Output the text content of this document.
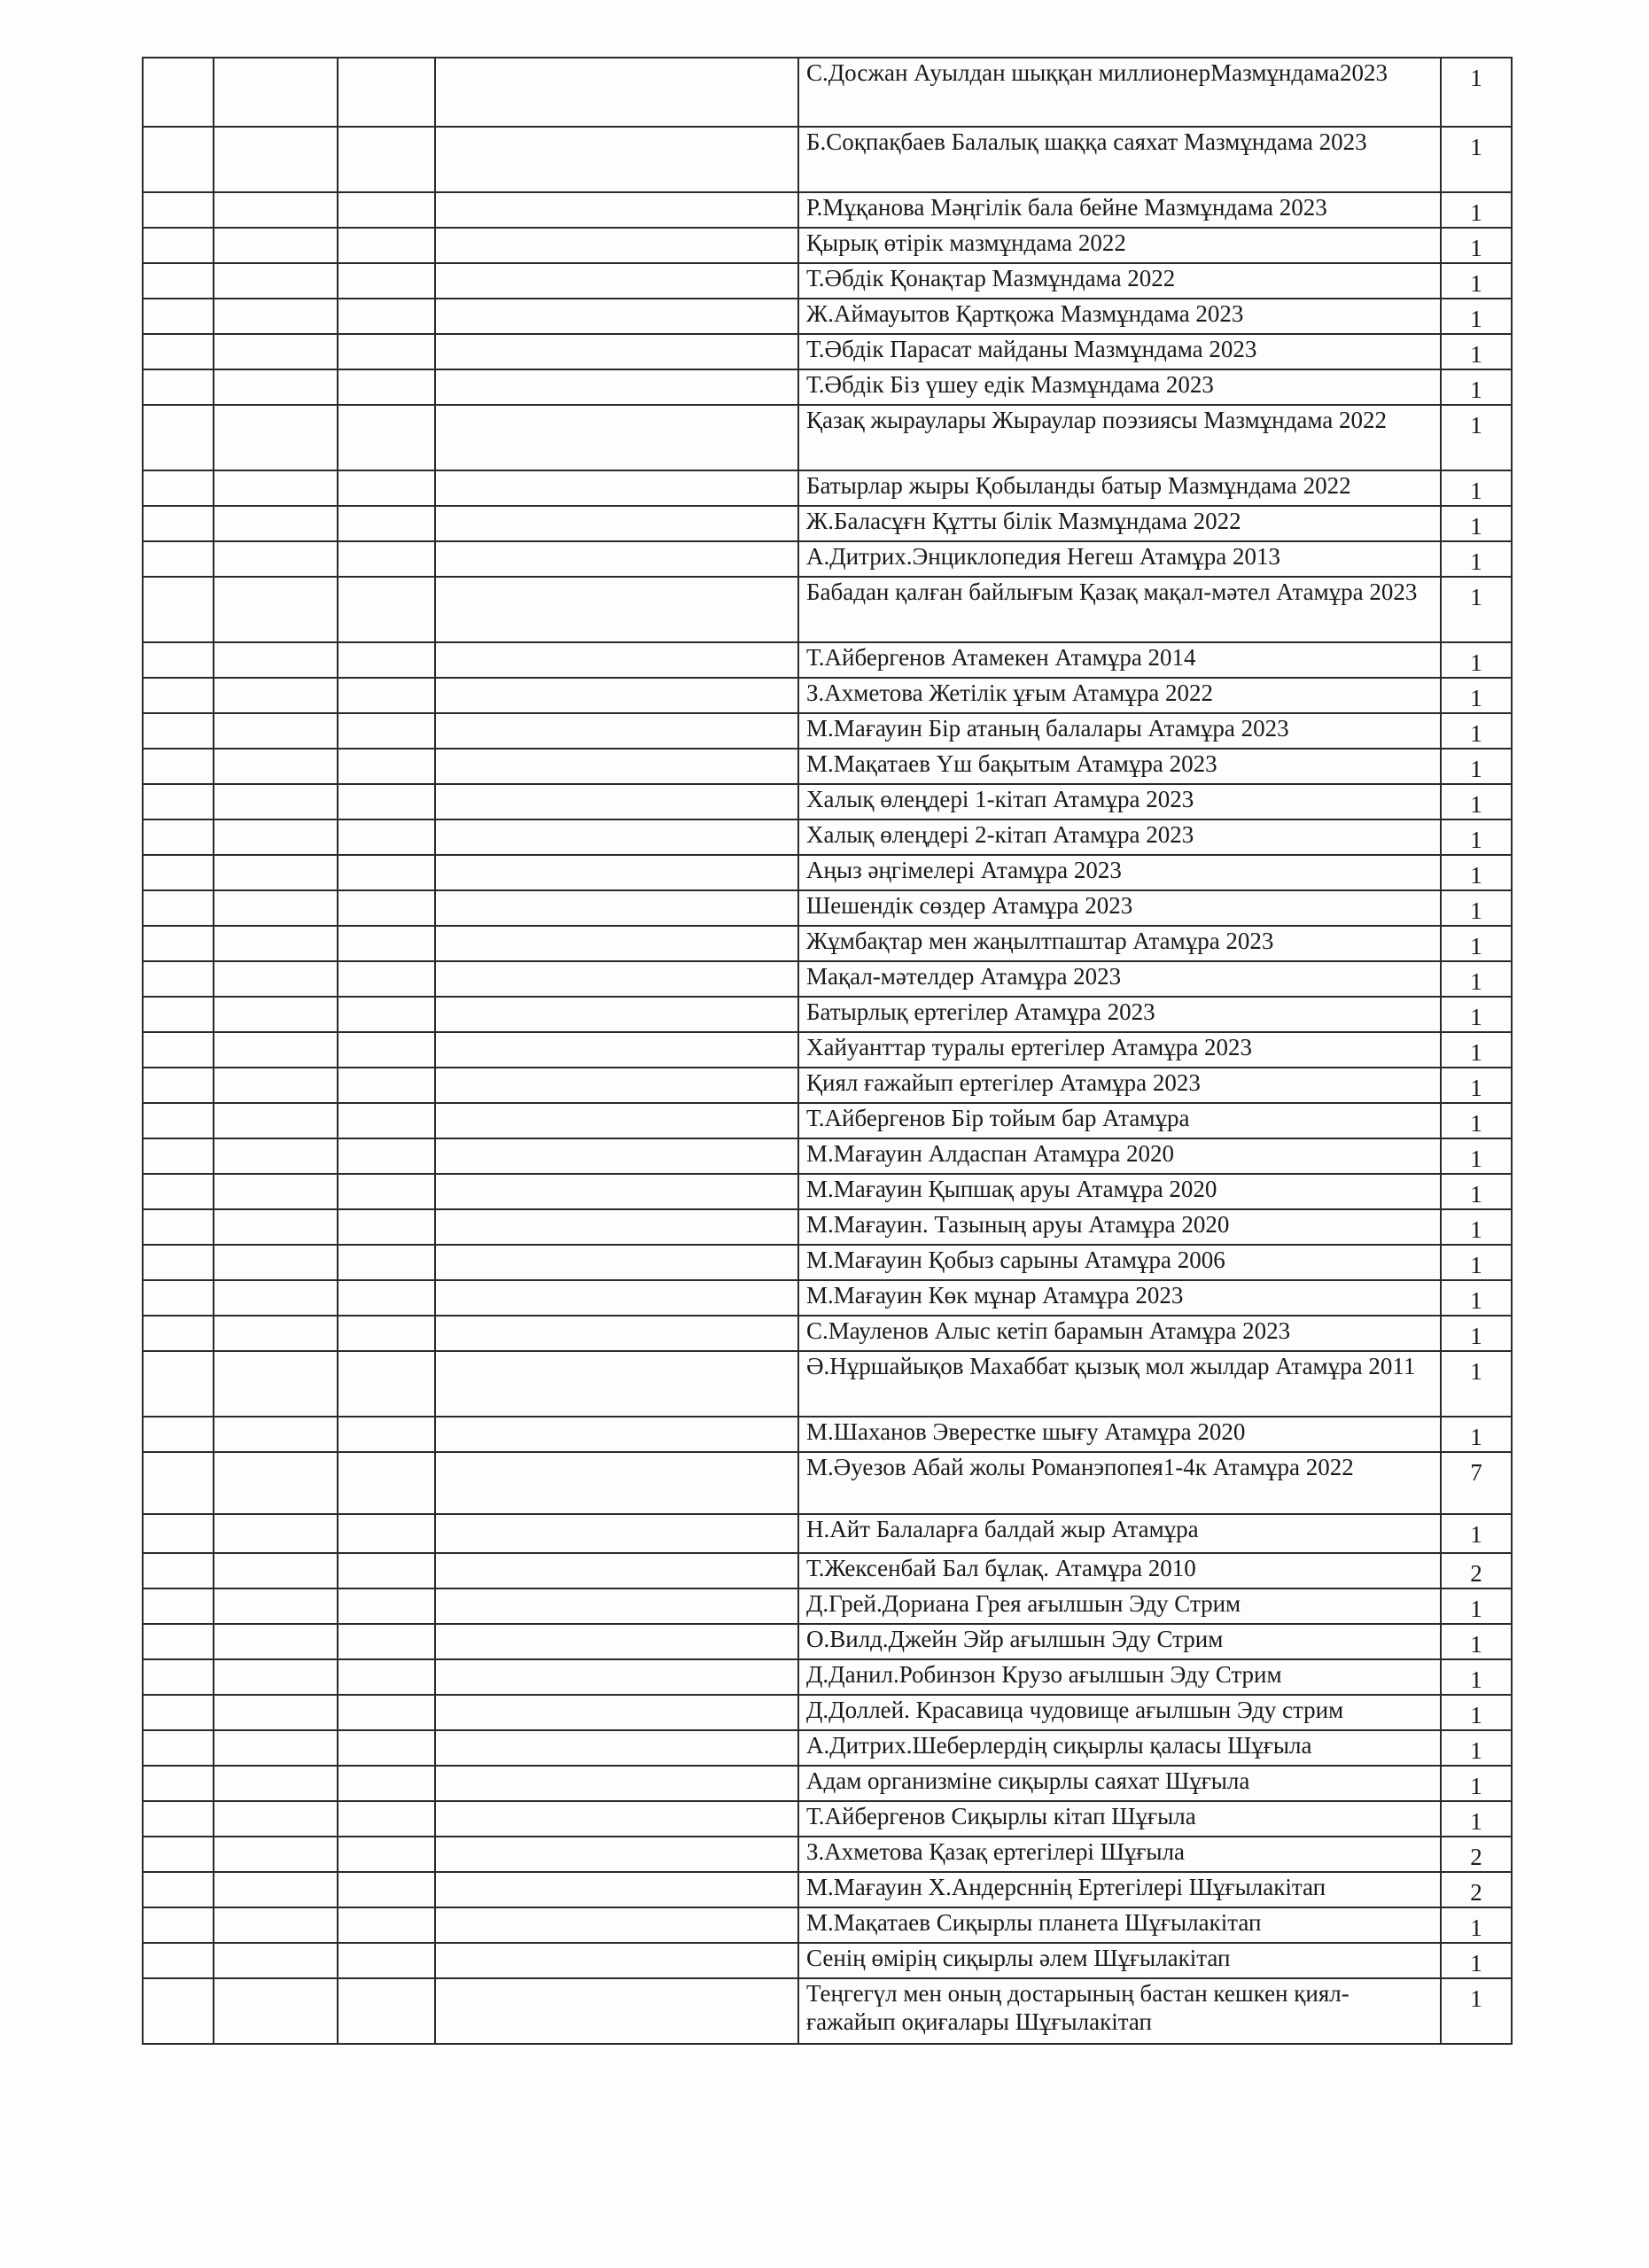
				С.Досжан Ауылдан шыққан миллионерМазмұндама2023	1
				Б.Соқпақбаев Балалық шаққа саяхат Мазмұндама 2023	1
				Р.Мұқанова Мәңгілік бала бейне Мазмұндама 2023	1
				Қырық өтірік мазмұндама 2022	1
				Т.Әбдік Қонақтар Мазмұндама 2022	1
				Ж.Аймауытов Қартқожа Мазмұндама 2023	1
				Т.Әбдік Парасат майданы Мазмұндама 2023	1
				Т.Әбдік Біз үшеу едік Мазмұндама 2023	1
				Қазақ жыраулары Жыраулар поэзиясы Мазмұндама 2022	1
				Батырлар жыры Қобыланды батыр Мазмұндама 2022	1
				Ж.Баласұғн Құтты білік Мазмұндама 2022	1
				А.Дитрих.Энциклопедия Негеш Атамұра 2013	1
				Бабадан қалған байлығым Қазақ мақал-мәтел Атамұра 2023	1
				Т.Айбергенов Атамекен Атамұра 2014	1
				З.Ахметова Жетілік ұғым Атамұра 2022	1
				М.Мағауин Бір атаның балалары Атамұра 2023	1
				М.Мақатаев Үш бақытым Атамұра 2023	1
				Халық өлеңдері 1-кітап Атамұра 2023	1
				Халық өлеңдері 2-кітап Атамұра 2023	1
				Аңыз әңгімелері Атамұра 2023	1
				Шешендік сөздер Атамұра 2023	1
				Жұмбақтар мен жаңылтпаштар Атамұра 2023	1
				Мақал-мәтелдер Атамұра 2023	1
				Батырлық ертегілер Атамұра 2023	1
				Хайуанттар туралы ертегілер Атамұра 2023	1
				Қиял ғажайып ертегілер Атамұра 2023	1
				Т.Айбергенов Бір тойым бар Атамұра	1
				М.Мағауин Алдаспан Атамұра 2020	1
				М.Мағауин Қыпшақ аруы Атамұра 2020	1
				М.Мағауин. Тазының аруы Атамұра 2020	1
				М.Мағауин Қобыз сарыны Атамұра 2006	1
				М.Мағауин Көк мұнар Атамұра 2023	1
				С.Мауленов Алыс кетіп барамын Атамұра 2023	1
				Ә.Нұршайықов Махаббат қызық мол жылдар Атамұра 2011	1
				М.Шаханов Эверестке шығу Атамұра 2020	1
				М.Әуезов Абай жолы Романэпопея1-4к Атамұра 2022	7
				Н.Айт Балаларға балдай жыр Атамұра	1
				Т.Жексенбай Бал бұлақ. Атамұра 2010	2
				Д.Грей.Дориана Грея ағылшын Эду Стрим	1
				О.Вилд.Джейн Эйр ағылшын Эду Стрим	1
				Д.Данил.Робинзон Крузо ағылшын Эду Стрим	1
				Д.Доллей. Красавица чудовище ағылшын Эду стрим	1
				А.Дитрих.Шеберлердің сиқырлы қаласы Шұғыла	1
				Адам организміне сиқырлы саяхат Шұғыла	1
				Т.Айбергенов Сиқырлы кітап Шұғыла	1
				З.Ахметова Қазақ ертегілері Шұғыла	2
				М.Мағауин Х.Андерсннің Ертегілері Шұғылакітап	2
				М.Мақатаев Сиқырлы планета Шұғылакітап	1
				Сенің өмірің сиқырлы әлем Шұғылакітап	1
				Теңгегүл мен оның достарының бастан кешкен қиял-ғажайып оқиғалары Шұғылакітап	1
